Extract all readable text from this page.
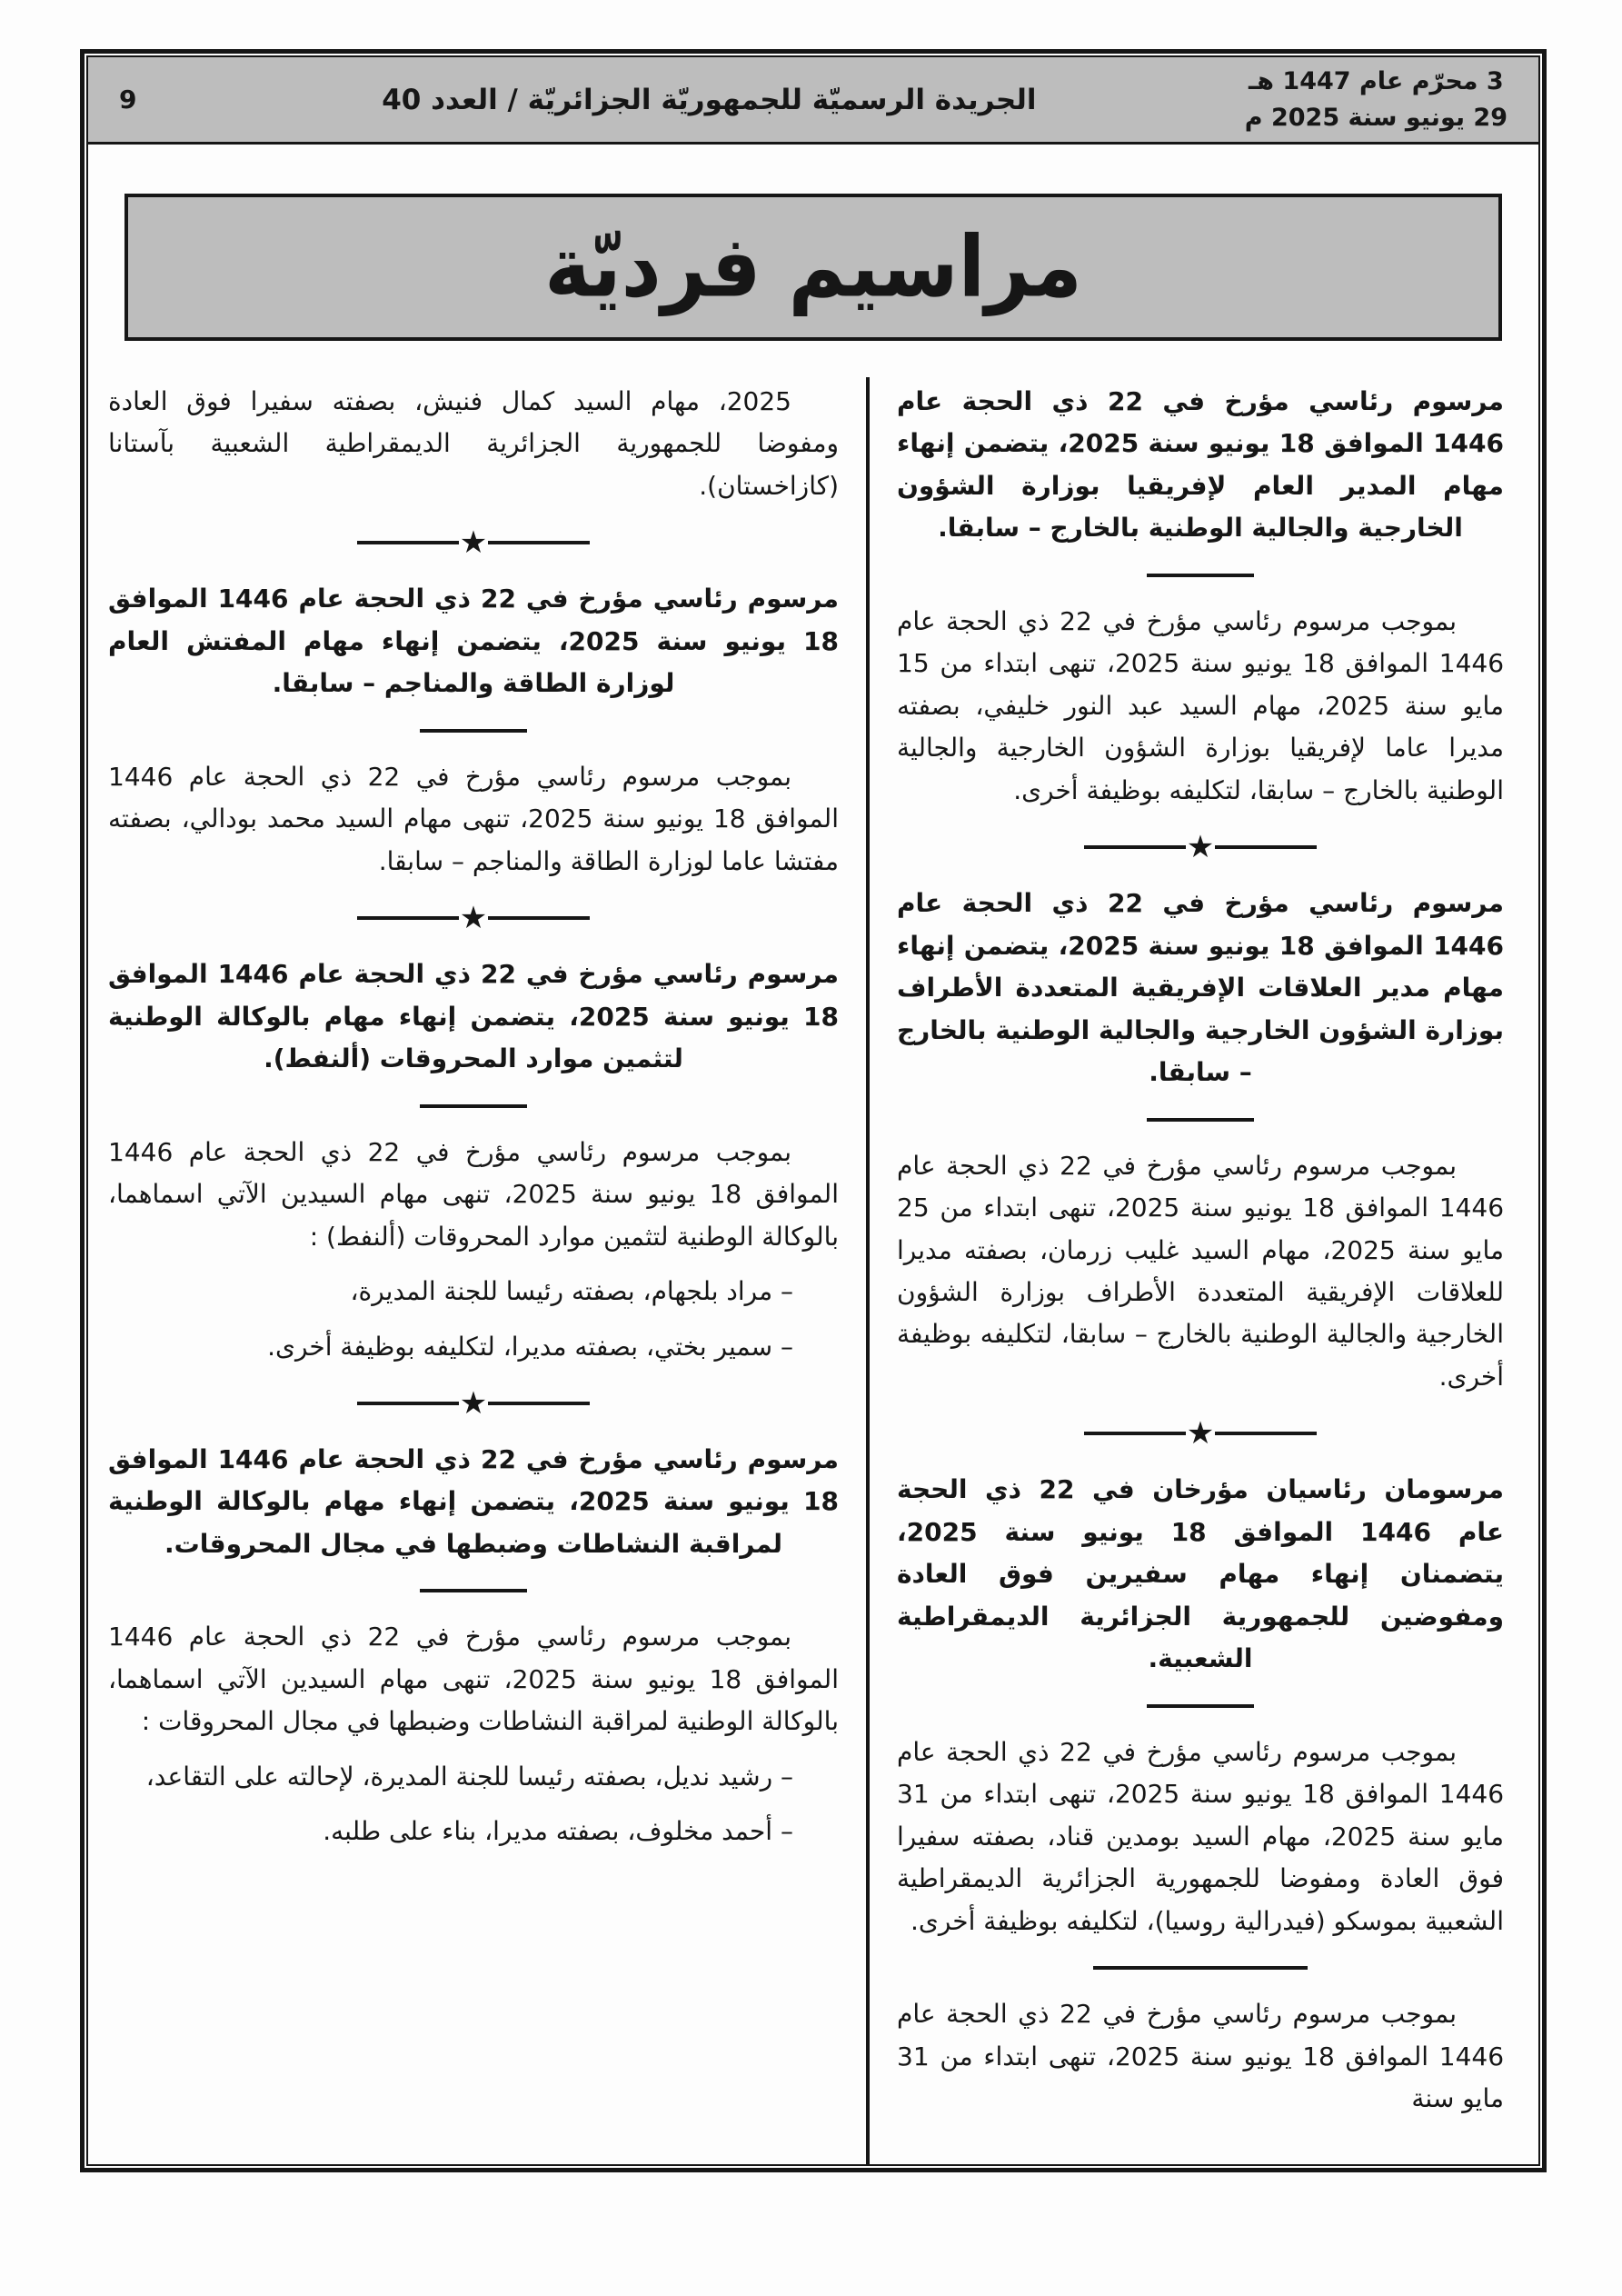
3 محرّم عام 1447 هـ
29 يونيو سنة 2025 م
الجريدة الرسميّة للجمهوريّة الجزائريّة / العدد 40
9
مراسيم فرديّة
مرسوم رئاسي مؤرخ في 22 ذي الحجة عام 1446 الموافق 18 يونيو سنة 2025، يتضمن إنهاء مهام المدير العام لإفريقيا بوزارة الشؤون الخارجية والجالية الوطنية بالخارج – سابقا.
بموجب مرسوم رئاسي مؤرخ في 22 ذي الحجة عام 1446 الموافق 18 يونيو سنة 2025، تنهى ابتداء من 15 مايو سنة 2025، مهام السيد عبد النور خليفي، بصفته مديرا عاما لإفريقيا بوزارة الشؤون الخارجية والجالية الوطنية بالخارج – سابقا، لتكليفه بوظيفة أخرى.
★
مرسوم رئاسي مؤرخ في 22 ذي الحجة عام 1446 الموافق 18 يونيو سنة 2025، يتضمن إنهاء مهام مدير العلاقات الإفريقية المتعددة الأطراف بوزارة الشؤون الخارجية والجالية الوطنية بالخارج – سابقا.
بموجب مرسوم رئاسي مؤرخ في 22 ذي الحجة عام 1446 الموافق 18 يونيو سنة 2025، تنهى ابتداء من 25 مايو سنة 2025، مهام السيد غليب زرمان، بصفته مديرا للعلاقات الإفريقية المتعددة الأطراف بوزارة الشؤون الخارجية والجالية الوطنية بالخارج – سابقا، لتكليفه بوظيفة أخرى.
★
مرسومان رئاسيان مؤرخان في 22 ذي الحجة عام 1446 الموافق 18 يونيو سنة 2025، يتضمنان إنهاء مهام سفيرين فوق العادة ومفوضين للجمهورية الجزائرية الديمقراطية الشعبية.
بموجب مرسوم رئاسي مؤرخ في 22 ذي الحجة عام 1446 الموافق 18 يونيو سنة 2025، تنهى ابتداء من 31 مايو سنة 2025، مهام السيد بومدين قناد، بصفته سفيرا فوق العادة ومفوضا للجمهورية الجزائرية الديمقراطية الشعبية بموسكو (فيدرالية روسيا)، لتكليفه بوظيفة أخرى.
بموجب مرسوم رئاسي مؤرخ في 22 ذي الحجة عام 1446 الموافق 18 يونيو سنة 2025، تنهى ابتداء من 31 مايو سنة
2025، مهام السيد كمال فنيش، بصفته سفيرا فوق العادة ومفوضا للجمهورية الجزائرية الديمقراطية الشعبية بآستانا (كازاخستان).
★
مرسوم رئاسي مؤرخ في 22 ذي الحجة عام 1446 الموافق 18 يونيو سنة 2025، يتضمن إنهاء مهام المفتش العام لوزارة الطاقة والمناجم – سابقا.
بموجب مرسوم رئاسي مؤرخ في 22 ذي الحجة عام 1446 الموافق 18 يونيو سنة 2025، تنهى مهام السيد محمد بودالي، بصفته مفتشا عاما لوزارة الطاقة والمناجم – سابقا.
★
مرسوم رئاسي مؤرخ في 22 ذي الحجة عام 1446 الموافق 18 يونيو سنة 2025، يتضمن إنهاء مهام بالوكالة الوطنية لتثمين موارد المحروقات (ألنفط).
بموجب مرسوم رئاسي مؤرخ في 22 ذي الحجة عام 1446 الموافق 18 يونيو سنة 2025، تنهى مهام السيدين الآتي اسماهما، بالوكالة الوطنية لتثمين موارد المحروقات (ألنفط) :
– مراد بلجهام، بصفته رئيسا للجنة المديرة،
– سمير بختي، بصفته مديرا، لتكليفه بوظيفة أخرى.
★
مرسوم رئاسي مؤرخ في 22 ذي الحجة عام 1446 الموافق 18 يونيو سنة 2025، يتضمن إنهاء مهام بالوكالة الوطنية لمراقبة النشاطات وضبطها في مجال المحروقات.
بموجب مرسوم رئاسي مؤرخ في 22 ذي الحجة عام 1446 الموافق 18 يونيو سنة 2025، تنهى مهام السيدين الآتي اسماهما، بالوكالة الوطنية لمراقبة النشاطات وضبطها في مجال المحروقات :
– رشيد نديل، بصفته رئيسا للجنة المديرة، لإحالته على التقاعد،
– أحمد مخلوف، بصفته مديرا، بناء على طلبه.
